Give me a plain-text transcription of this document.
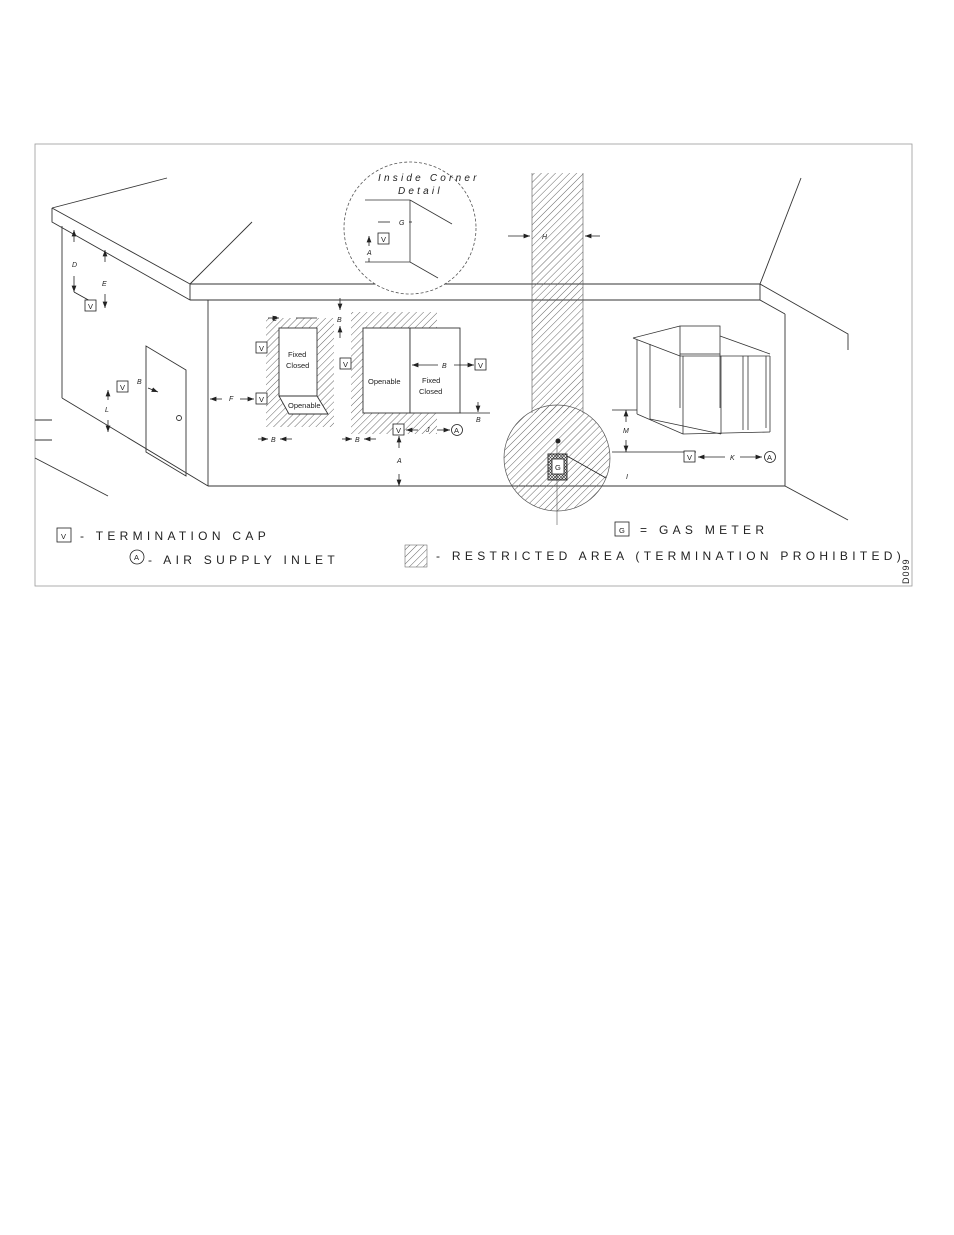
G
I
Fixed
Closed
Openable
Openable	Fixed
Closed
Inside Corner
Detail
D
E
L
B
F
C	B
B	B
A
J
B
B
H
G
A
M
K
V
V
V
V
V	V
V
V
V
A
A
V - TERMINATION CAP
A - AIR SUPPLY INLET
G = GAS METER
- RESTRICTED AREA (TERMINATION PROHIBITED)
D099
